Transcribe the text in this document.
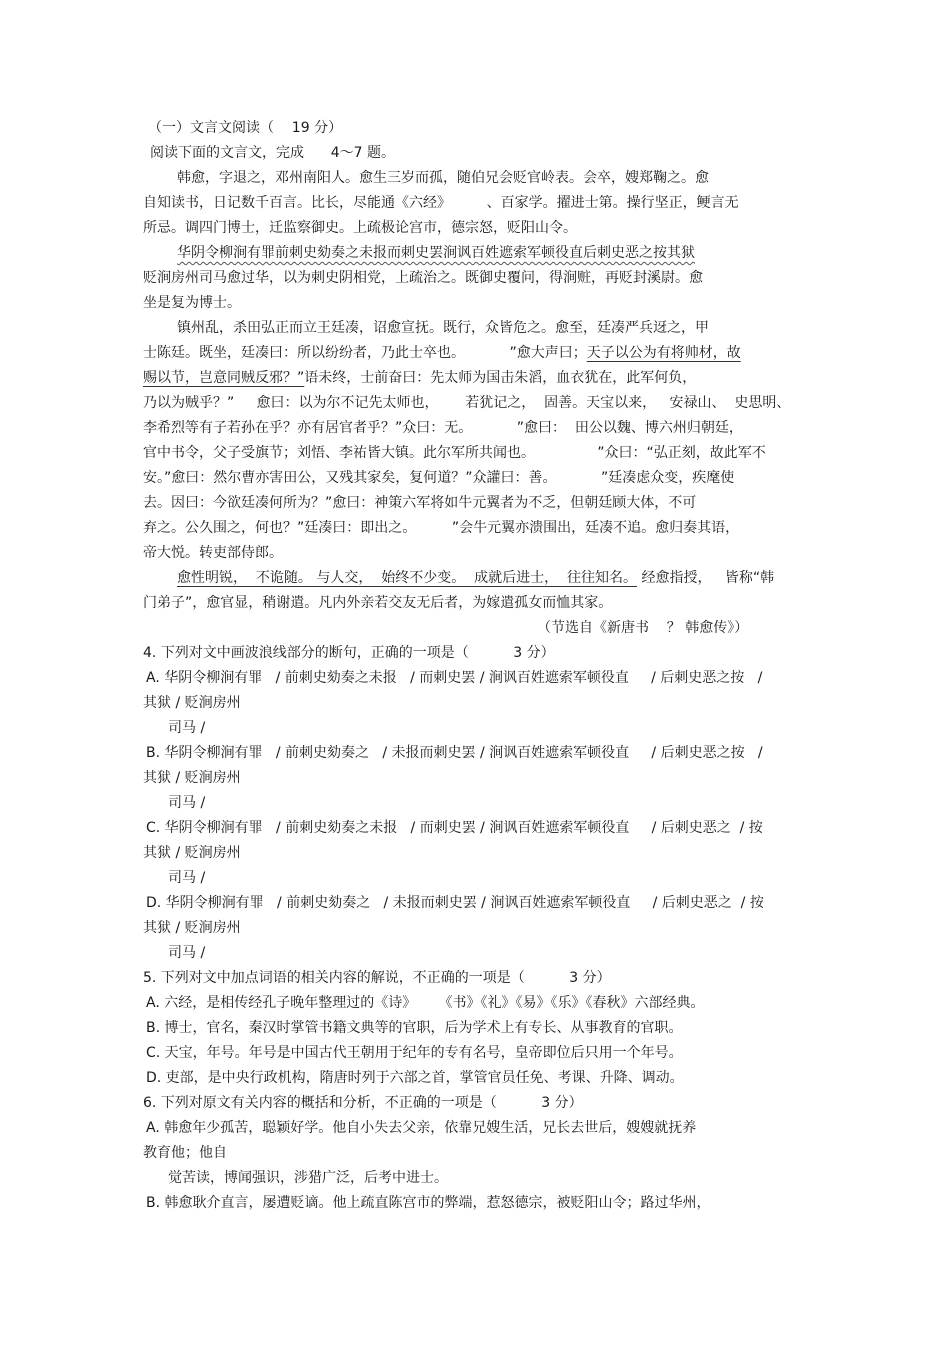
（一）文言文阅读（    19 分）
阅读下面的文言文，完成      4～7 题。
韩愈，字退之，邓州南阳人。愈生三岁而孤，随伯兄会贬官岭表。会卒，嫂郑鞠之。愈
自知读书，日记数千百言。比长，尽能通《六经》        、百家学。擢进士第。操行坚正，鲠言无
所忌。调四门博士，迁监察御史。上疏极论宫市，德宗怒，贬阳山令。
华阴令柳涧有罪前刺史劾奏之未报而刺史罢涧讽百姓遮索军顿役直后刺史恶之按其狱
贬涧房州司马愈过华，以为刺史阴相党，上疏治之。既御史覆问，得涧赃，再贬封溪尉。愈
坐是复为博士。
镇州乱，杀田弘正而立王廷凑，诏愈宣抚。既行，众皆危之。愈至，廷凑严兵迓之，甲
士陈廷。既坐，廷凑曰：所以纷纷者，乃此士卒也。          ”愈大声曰；天子以公为有将帅材，故
赐以节，岂意同贼反邪？”语未终，士前奋曰：先太师为国击朱滔，血衣犹在，此军何负，
乃以为贼乎？”     愈曰：以为尔不记先太师也，      若犹记之，  固善。天宝以来，   安禄山、  史思明、
李希烈等有子若孙在乎？亦有居官者乎？”众曰：无。          ”愈曰：  田公以魏、博六州归朝廷，
官中书令，父子受旗节；刘悟、李祐皆大镇。此尔军所共闻也。              ”众曰：“弘正刻，故此军不
安。”愈曰：然尔曹亦害田公，又残其家矣，复何道？”众讙曰：善。          ”廷凑虑众变，疾麾使
去。因曰：今欲廷凑何所为？”愈曰：神策六军将如牛元翼者为不乏，但朝廷顾大体，不可
弃之。公久围之，何也？”廷凑曰：即出之。        ”会牛元翼亦溃围出，廷凑不追。愈归奏其语，
帝大悦。转吏部侍郎。
愈性明锐，  不诡随。 与人交，  始终不少变。  成就后进士，  往往知名。 经愈指授，   皆称“韩
门弟子”，愈官显，稍谢遣。凡内外亲若交友无后者，为嫁遣孤女而恤其家。
（节选自《新唐书    ？ 韩愈传》）
4. 下列对文中画波浪线部分的断句，正确的一项是（          3 分）
A. 华阴令柳涧有罪   / 前刺史劾奏之未报   / 而刺史罢 / 涧讽百姓遮索军顿役直     / 后刺史恶之按   /
其狱 / 贬涧房州
司马 /
B. 华阴令柳涧有罪   / 前刺史劾奏之   / 未报而刺史罢 / 涧讽百姓遮索军顿役直     / 后刺史恶之按   /
其狱 / 贬涧房州
司马 /
C. 华阴令柳涧有罪   / 前刺史劾奏之未报   / 而刺史罢 / 涧讽百姓遮索军顿役直     / 后刺史恶之  / 按
其狱 / 贬涧房州
司马 /
D. 华阴令柳涧有罪   / 前刺史劾奏之   / 未报而刺史罢 / 涧讽百姓遮索军顿役直     / 后刺史恶之  / 按
其狱 / 贬涧房州
司马 /
5. 下列对文中加点词语的相关内容的解说，不正确的一项是（          3 分）
A. 六经，是相传经孔子晚年整理过的《诗》     《书》《礼》《易》《乐》《春秋》六部经典。
B. 博士，官名，秦汉时掌管书籍文典等的官职，后为学术上有专长、从事教育的官职。
C. 天宝，年号。年号是中国古代王朝用于纪年的专有名号，皇帝即位后只用一个年号。
D. 吏部，是中央行政机构，隋唐时列于六部之首，掌管官员任免、考课、升降、调动。
6. 下列对原文有关内容的概括和分析，不正确的一项是（          3 分）
A. 韩愈年少孤苦，聪颖好学。他自小失去父亲，依靠兄嫂生活，兄长去世后，嫂嫂就抚养
教育他；他自
觉苦读，博闻强识，涉猎广泛，后考中进士。
B. 韩愈耿介直言，屡遭贬谪。他上疏直陈宫市的弊端，惹怒德宗，被贬阳山令；路过华州，
